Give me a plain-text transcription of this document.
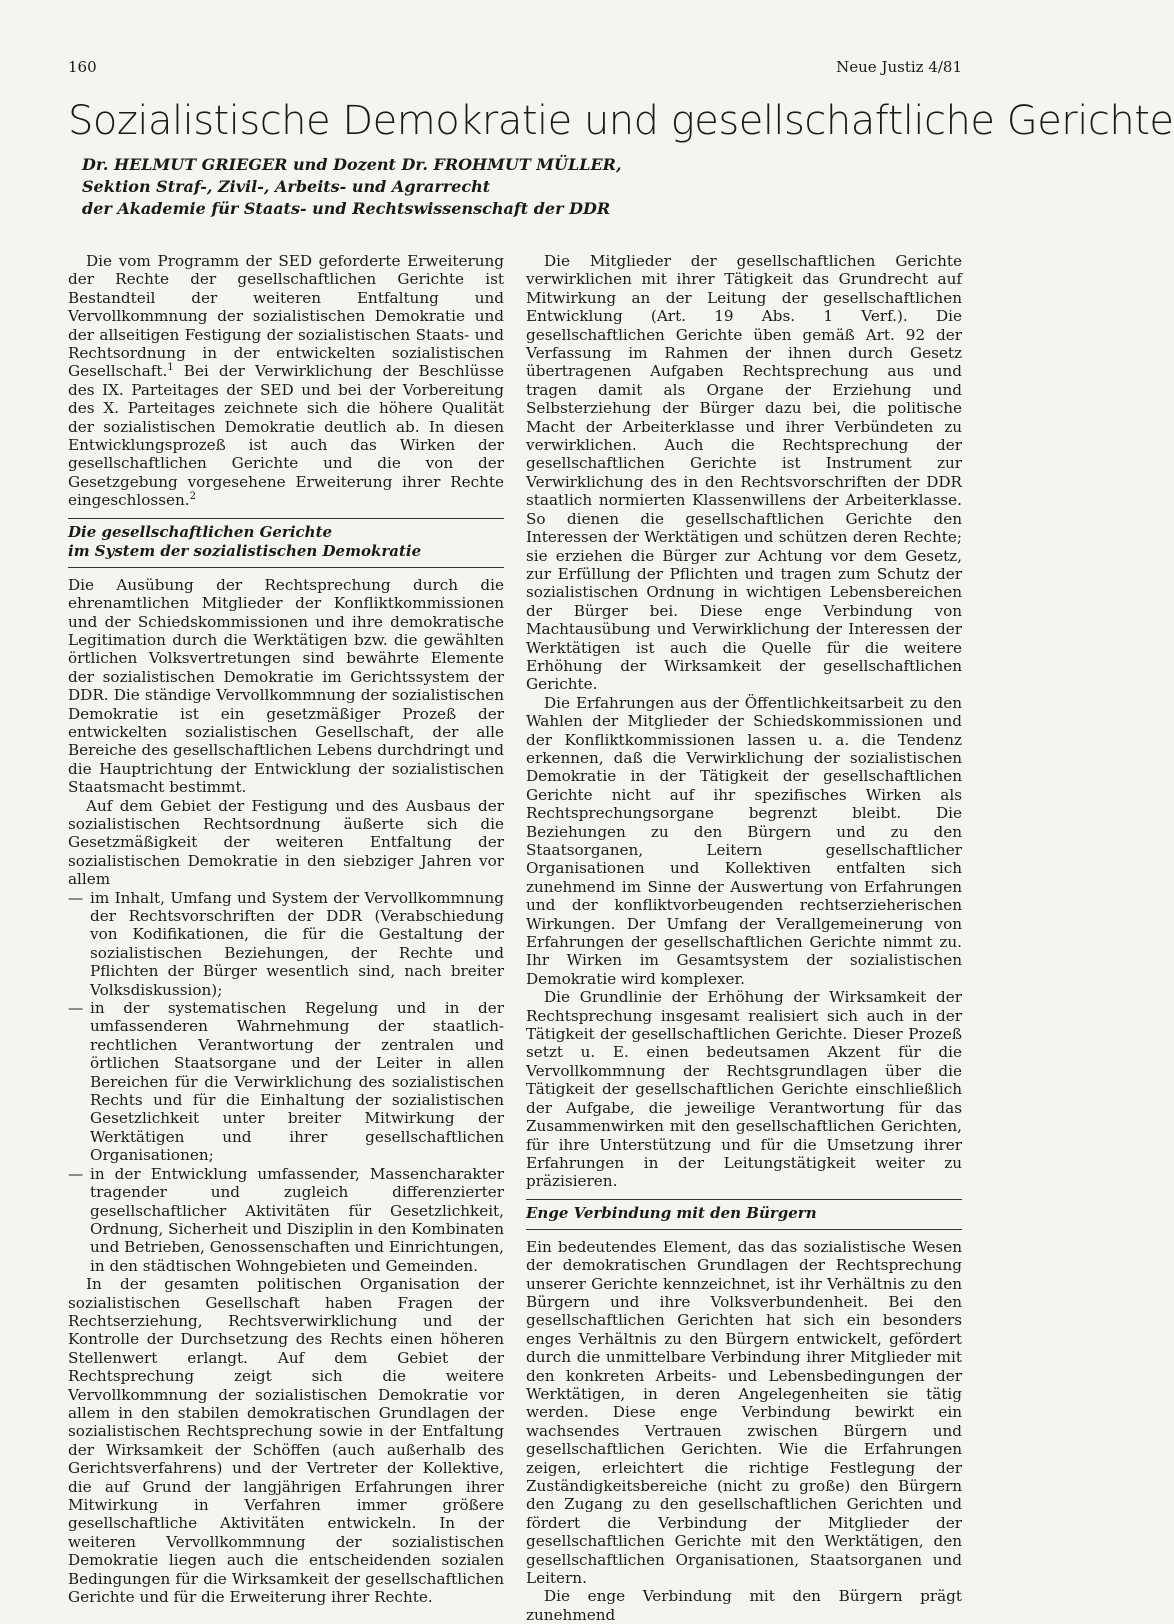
160	Neue Justiz 4/81
Sozialistische Demokratie und gesellschaftliche Gerichte
Dr. HELMUT GRIEGER und Dozent Dr. FROHMUT MÜLLER,
Sektion Straf-, Zivil-, Arbeits- und Agrarrecht
der Akademie für Staats- und Rechtswissenschaft der DDR

Die vom Programm der SED geforderte Erweiterung der Rechte der gesellschaftlichen Gerichte ist Bestandteil der weiteren Entfaltung und Vervollkommnung der sozialistischen Demokratie und der allseitigen Festigung der sozialistischen Staats- und Rechtsordnung in der entwickelten sozialistischen Gesellschaft.$^1$ Bei der Verwirklichung der Beschlüsse des IX. Parteitages der SED und bei der Vorbereitung des X. Parteitages zeichnete sich die höhere Qualität der sozialistischen Demokratie deutlich ab. In diesen Entwicklungsprozeß ist auch das Wirken der gesellschaftlichen Gerichte und die von der Gesetzgebung vorgesehene Erweiterung ihrer Rechte eingeschlossen.$^2$

Die gesellschaftlichen Gerichte
im System der sozialistischen Demokratie

Die Ausübung der Rechtsprechung durch die ehrenamtlichen Mitglieder der Konfliktkommissionen und der Schiedskommissionen und ihre demokratische Legitimation durch die Werktätigen bzw. die gewählten örtlichen Volksvertretungen sind bewährte Elemente der sozialistischen Demokratie im Gerichtssystem der DDR. Die ständige Vervollkommnung der sozialistischen Demokratie ist ein gesetzmäßiger Prozeß der entwickelten sozialistischen Gesellschaft, der alle Bereiche des gesellschaftlichen Lebens durchdringt und die Hauptrichtung der Entwicklung der sozialistischen Staatsmacht bestimmt.

Auf dem Gebiet der Festigung und des Ausbaus der sozialistischen Rechtsordnung äußerte sich die Gesetzmäßigkeit der weiteren Entfaltung der sozialistischen Demokratie in den siebziger Jahren vor allem

— im Inhalt, Umfang und System der Vervollkommnung der Rechtsvorschriften der DDR (Verabschiedung von Kodifikationen, die für die Gestaltung der sozialistischen Beziehungen, der Rechte und Pflichten der Bürger wesentlich sind, nach breiter Volksdiskussion);
— in der systematischen Regelung und in der umfassenderen Wahrnehmung der staatlich-rechtlichen Verantwortung der zentralen und örtlichen Staatsorgane und der Leiter in allen Bereichen für die Verwirklichung des sozialistischen Rechts und für die Einhaltung der sozialistischen Gesetzlichkeit unter breiter Mitwirkung der Werktätigen und ihrer gesellschaftlichen Organisationen;
— in der Entwicklung umfassender, Massencharakter tragender und zugleich differenzierter gesellschaftlicher Aktivitäten für Gesetzlichkeit, Ordnung, Sicherheit und Disziplin in den Kombinaten und Betrieben, Genossenschaften und Einrichtungen, in den städtischen Wohngebieten und Gemeinden.

In der gesamten politischen Organisation der sozialistischen Gesellschaft haben Fragen der Rechtserziehung, Rechtsverwirklichung und der Kontrolle der Durchsetzung des Rechts einen höheren Stellenwert erlangt. Auf dem Gebiet der Rechtsprechung zeigt sich die weitere Vervollkommnung der sozialistischen Demokratie vor allem in den stabilen demokratischen Grundlagen der sozialistischen Rechtsprechung sowie in der Entfaltung der Wirksamkeit der Schöffen (auch außerhalb des Gerichtsverfahrens) und der Vertreter der Kollektive, die auf Grund der langjährigen Erfahrungen ihrer Mitwirkung in Verfahren immer größere gesellschaftliche Aktivitäten entwickeln. In der weiteren Vervollkommnung der sozialistischen Demokratie liegen auch die entscheidenden sozialen Bedingungen für die Wirksamkeit der gesellschaftlichen Gerichte und für die Erweiterung ihrer Rechte.

Die Mitglieder der gesellschaftlichen Gerichte verwirklichen mit ihrer Tätigkeit das Grundrecht auf Mitwirkung an der Leitung der gesellschaftlichen Entwicklung (Art. 19 Abs. 1 Verf.). Die gesellschaftlichen Gerichte üben gemäß Art. 92 der Verfassung im Rahmen der ihnen durch Gesetz übertragenen Aufgaben Rechtsprechung aus und tragen damit als Organe der Erziehung und Selbsterziehung der Bürger dazu bei, die politische Macht der Arbeiterklasse und ihrer Verbündeten zu verwirklichen. Auch die Rechtsprechung der gesellschaftlichen Gerichte ist Instrument zur Verwirklichung des in den Rechtsvorschriften der DDR staatlich normierten Klassenwillens der Arbeiterklasse. So dienen die gesellschaftlichen Gerichte den Interessen der Werktätigen und schützen deren Rechte; sie erziehen die Bürger zur Achtung vor dem Gesetz, zur Erfüllung der Pflichten und tragen zum Schutz der sozialistischen Ordnung in wichtigen Lebensbereichen der Bürger bei. Diese enge Verbindung von Machtausübung und Verwirklichung der Interessen der Werktätigen ist auch die Quelle für die weitere Erhöhung der Wirksamkeit der gesellschaftlichen Gerichte.

Die Erfahrungen aus der Öffentlichkeitsarbeit zu den Wahlen der Mitglieder der Schiedskommissionen und der Konfliktkommissionen lassen u. a. die Tendenz erkennen, daß die Verwirklichung der sozialistischen Demokratie in der Tätigkeit der gesellschaftlichen Gerichte nicht auf ihr spezifisches Wirken als Rechtsprechungsorgane begrenzt bleibt. Die Beziehungen zu den Bürgern und zu den Staatsorganen, Leitern gesellschaftlicher Organisationen und Kollektiven entfalten sich zunehmend im Sinne der Auswertung von Erfahrungen und der konfliktvorbeugenden rechtserzieherischen Wirkungen. Der Umfang der Verallgemeinerung von Erfahrungen der gesellschaftlichen Gerichte nimmt zu. Ihr Wirken im Gesamtsystem der sozialistischen Demokratie wird komplexer.

Die Grundlinie der Erhöhung der Wirksamkeit der Rechtsprechung insgesamt realisiert sich auch in der Tätigkeit der gesellschaftlichen Gerichte. Dieser Prozeß setzt u. E. einen bedeutsamen Akzent für die Vervollkommnung der Rechtsgrundlagen über die Tätigkeit der gesellschaftlichen Gerichte einschließlich der Aufgabe, die jeweilige Verantwortung für das Zusammenwirken mit den gesellschaftlichen Gerichten, für ihre Unterstützung und für die Umsetzung ihrer Erfahrungen in der Leitungstätigkeit weiter zu präzisieren.

Enge Verbindung mit den Bürgern

Ein bedeutendes Element, das das sozialistische Wesen der demokratischen Grundlagen der Rechtsprechung unserer Gerichte kennzeichnet, ist ihr Verhältnis zu den Bürgern und ihre Volksverbundenheit. Bei den gesellschaftlichen Gerichten hat sich ein besonders enges Verhältnis zu den Bürgern entwickelt, gefördert durch die unmittelbare Verbindung ihrer Mitglieder mit den konkreten Arbeits- und Lebensbedingungen der Werktätigen, in deren Angelegenheiten sie tätig werden. Diese enge Verbindung bewirkt ein wachsendes Vertrauen zwischen Bürgern und gesellschaftlichen Gerichten. Wie die Erfahrungen zeigen, erleichtert die richtige Festlegung der Zuständigkeitsbereiche (nicht zu große) den Bürgern den Zugang zu den gesellschaftlichen Gerichten und fördert die Verbindung der Mitglieder der gesellschaftlichen Gerichte mit den Werktätigen, den gesellschaftlichen Organisationen, Staatsorganen und Leitern.

Die enge Verbindung mit den Bürgern prägt zunehmend
